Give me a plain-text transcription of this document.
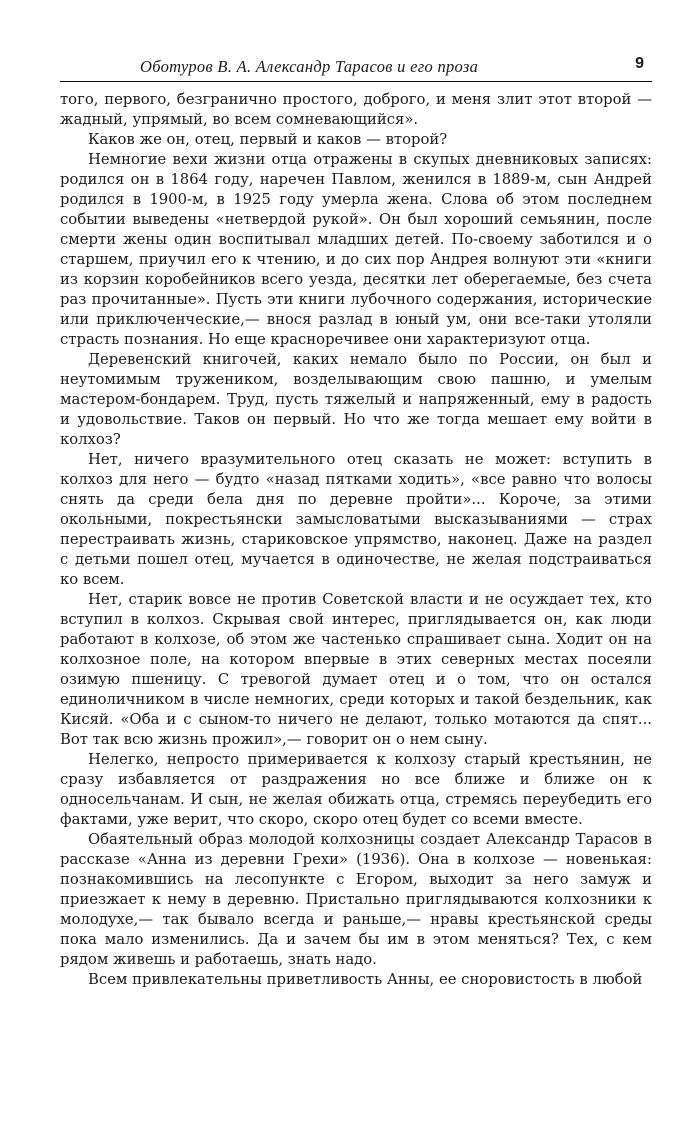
Оботуров В. А. Александр Тарасов и его проза	9

того, первого, безгранично простого, доброго, и меня злит этот второй — жадный, упрямый, во всем сомневающийся».

Каков же он, отец, первый и каков — второй?

Немногие вехи жизни отца отражены в скупых дневниковых записях: родился он в 1864 году, наречен Павлом, женился в 1889-м, сын Андрей родился в 1900-м, в 1925 году умерла жена. Слова об этом последнем событии выведены «нетвердой рукой». Он был хороший семьянин, после смерти жены один воспитывал младших детей. По-своему заботился и о старшем, приучил его к чтению, и до сих пор Андрея волнуют эти «книги из корзин коробейников всего уезда, десятки лет оберегаемые, без счета раз прочитанные». Пусть эти книги лубочного содержания, исторические или приключенческие,— внося разлад в юный ум, они все-таки утоляли страсть познания. Но еще красноречивее они характеризуют отца.

Деревенский книгочей, каких немало было по России, он был и неутомимым тружеником, возделывающим свою пашню, и умелым мастером-бондарем. Труд, пусть тяжелый и напряженный, ему в радость и удовольствие. Таков он первый. Но что же тогда мешает ему войти в колхоз?

Нет, ничего вразумительного отец сказать не может: вступить в колхоз для него — будто «назад пятками ходить», «все равно что волосы снять да среди бела дня по деревне пройти»... Короче, за этими окольными, покрестьянски замысловатыми высказываниями — страх перестраивать жизнь, стариковское упрямство, наконец. Даже на раздел с детьми пошел отец, мучается в одиночестве, не желая подстраиваться ко всем.

Нет, старик вовсе не против Советской власти и не осуждает тех, кто вступил в колхоз. Скрывая свой интерес, приглядывается он, как люди работают в колхозе, об этом же частенько спрашивает сына. Ходит он на колхозное поле, на котором впервые в этих северных местах посеяли озимую пшеницу. С тревогой думает отец и о том, что он остался единоличником в числе немногих, среди которых и такой бездельник, как Кисяй. «Оба и с сыном-то ничего не делают, только мотаются да спят... Вот так всю жизнь прожил»,— говорит он о нем сыну.

Нелегко, непросто примеривается к колхозу старый крестьянин, не сразу избавляется от раздражения но все ближе и ближе он к односельчанам. И сын, не желая обижать отца, стремясь переубедить его фактами, уже верит, что скоро, скоро отец будет со всеми вместе.

Обаятельный образ молодой колхозницы создает Александр Тарасов в рассказе «Анна из деревни Грехи» (1936). Она в колхозе — новенькая: познакомившись на лесопункте с Егором, выходит за него замуж и приезжает к нему в деревню. Пристально приглядываются колхозники к молодухе,— так бывало всегда и раньше,— нравы крестьянской среды пока мало изменились. Да и зачем бы им в этом меняться? Тех, с кем рядом живешь и работаешь, знать надо.

Всем привлекательны приветливость Анны, ее сноровистость в любой
